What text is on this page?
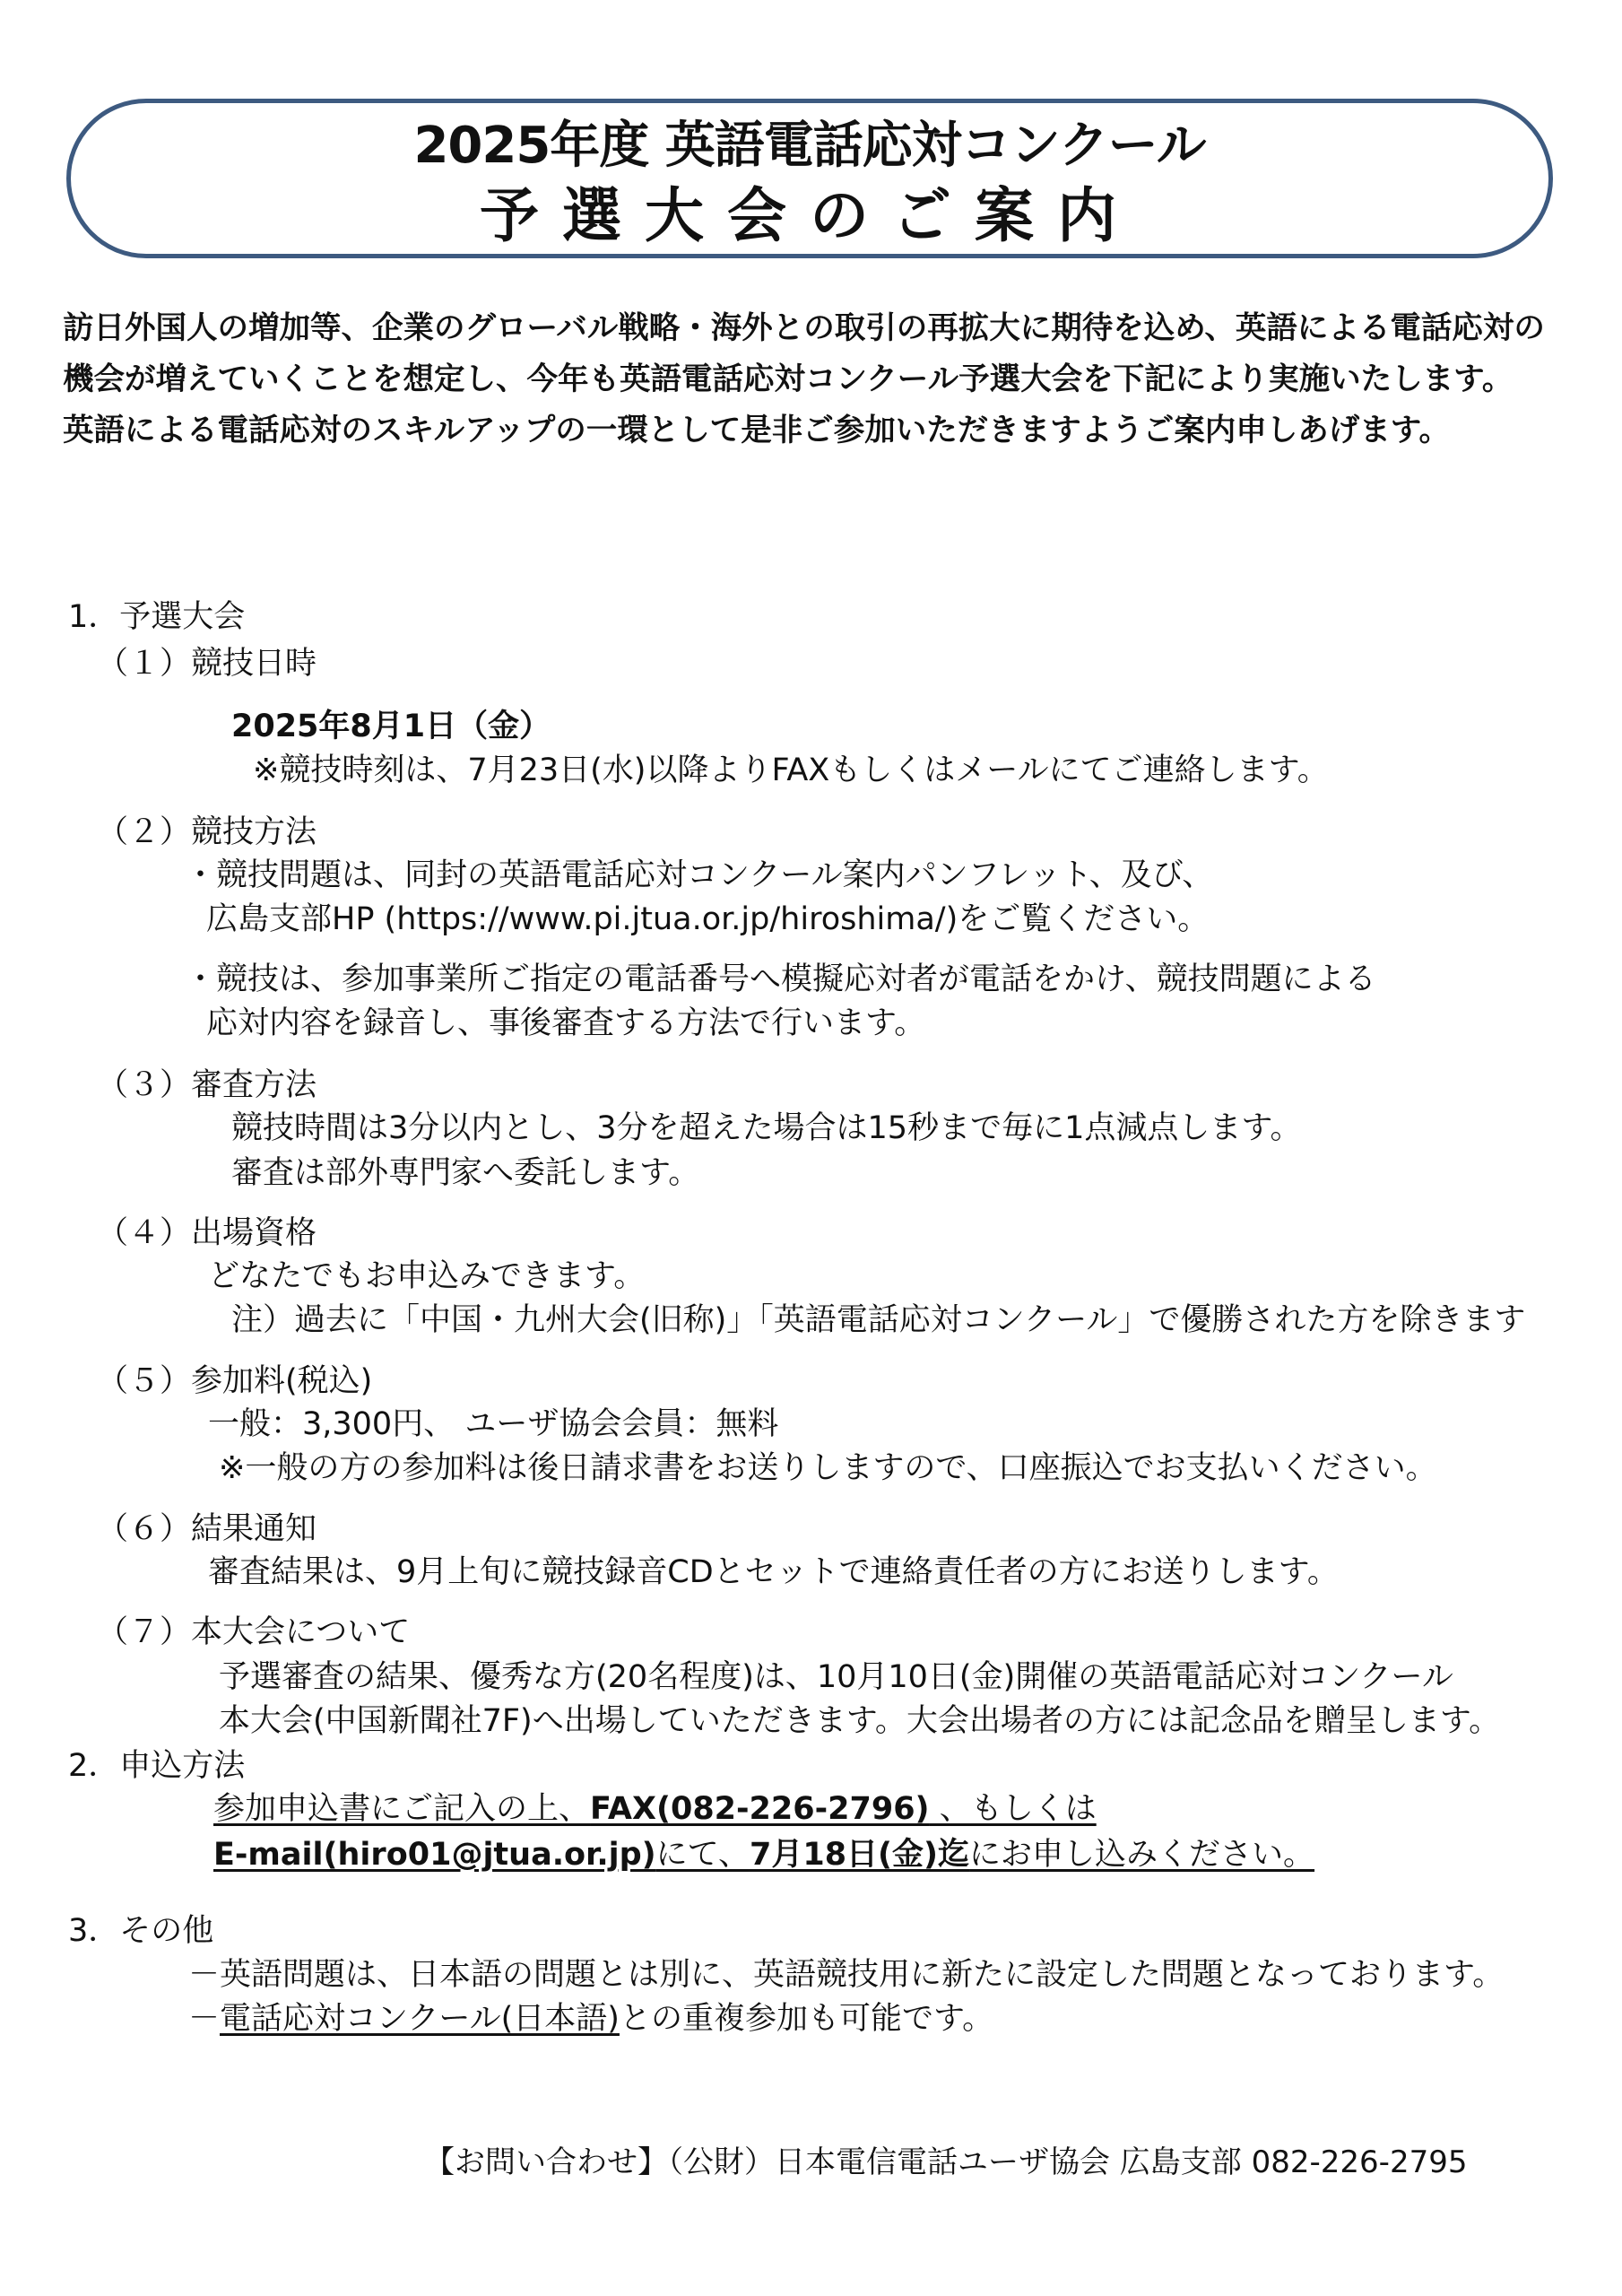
2025年度 英語電話応対コンクール
予選大会のご案内

訪日外国人の増加等、企業のグローバル戦略・海外との取引の再拡大に期待を込め、英語による電話応対の機会が増えていくことを想定し、今年も英語電話応対コンクール予選大会を下記により実施いたします。

英語による電話応対のスキルアップの一環として是非ご参加いただきますようご案内申しあげます。

1．予選大会
（１）競技日時
2025年8月1日（金）
※競技時刻は、7月23日(水)以降よりFAXもしくはメールにてご連絡します。
（２）競技方法
・競技問題は、同封の英語電話応対コンクール案内パンフレット、及び、
広島支部HP (https://www.pi.jtua.or.jp/hiroshima/)をご覧ください。
・競技は、参加事業所ご指定の電話番号へ模擬応対者が電話をかけ、競技問題による
応対内容を録音し、事後審査する方法で行います。
（３）審査方法
競技時間は3分以内とし、3分を超えた場合は15秒まで毎に1点減点します。
審査は部外専門家へ委託します。
（４）出場資格
どなたでもお申込みできます。
注）過去に「中国・九州大会(旧称)」「英語電話応対コンクール」で優勝された方を除きます
（５）参加料(税込)
一般：3,300円、 ユーザ協会会員：無料
※一般の方の参加料は後日請求書をお送りしますので、口座振込でお支払いください。
（６）結果通知
審査結果は、9月上旬に競技録音CDとセットで連絡責任者の方にお送りします。
（７）本大会について
予選審査の結果、優秀な方(20名程度)は、10月10日(金)開催の英語電話応対コンクール
本大会(中国新聞社7F)へ出場していただきます。大会出場者の方には記念品を贈呈します。
2．申込方法
参加申込書にご記入の上、FAX(082-226-2796) 、もしくは
E-mail(hiro01@jtua.or.jp)にて、7月18日(金)迄にお申し込みください。
3．その他
－英語問題は、日本語の問題とは別に、英語競技用に新たに設定した問題となっております。
－電話応対コンクール(日本語)との重複参加も可能です。
【お問い合わせ】（公財）日本電信電話ユーザ協会 広島支部 082-226-2795
